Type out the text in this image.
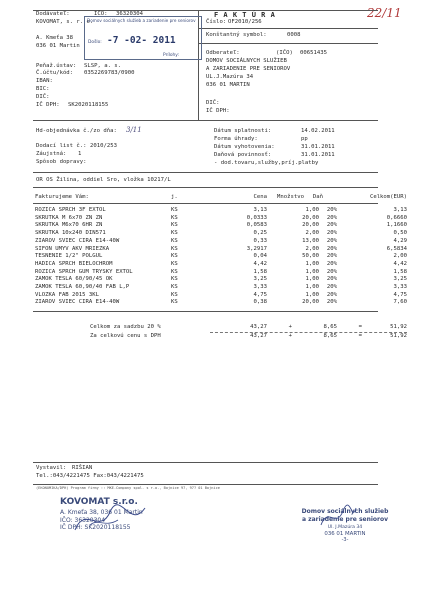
22/11
Dodávateľ:	IČO: 36320304
KOVOMAT, s. r. o.
A. Kmeťa 38
036 01 Martin
Peňaž.ústav: SLSP, a. s.
Č.účtu/kód: 0352269783/0900
IBAN:
BIC:
DIČ:
IČ DPH: SK2020118155
Domov sociálnych služieb a zariadenie pre seniorov
Došlo: -7 -02- 2011
Prílohy:
F A K T Ú R A
Číslo: OF2010/256
Konštantný symbol:	0008
Odberateľ:	(IČO) 00651435
DOMOV SOCIÁLNYCH SLUŽIEB
A ZARIADENIE PRE SENIOROV
UL.J.Mazúra 34
036 01 MARTIN
DIČ:
IČ DPH:
Hd-objednávka č./zo dňa: 3/11
Dodací list č.: 2010/253
Záujstná: 1
Spôsob dopravy:
Dátum splatnosti:	14.02.2011
Forma úhrady:	pp
Dátum vyhotovenia:	31.01.2011
Daňová povinnosť:	31.01.2011
- dod.tovaru,služby,príj.platby
OR OS Žilina, oddiel Sro, vložka 10217/L
Fakturujeme Vám:	j.	Cena Množstvo Daň	Celkom(EUR)
ROZICA SPRCH 3F EXTOL	KS	3,13	1,00 20%	3,13
SKRUTKA M 6x70 ZN ZN	KS	0,0333	20,00 20%	0,6660
SKRUTKA M6x70 6HR ZN	KS	0,0583	20,00 20%	1,1660
SKRUTKA 10x240 DIN571	KS	0,25	2,00 20%	0,50
ZIAROV SVIEC CIRA E14-40W	KS	0,33	13,00 20%	4,29
SIFON UMYV AKV MRIEZKA	KS	3,2917	2,00 20%	6,5834
TESNENIE 1/2" POLGUL	KS	0,04	50,00 20%	2,00
HADICA SPRCH BIELOCHROM	KS	4,42	1,00 20%	4,42
ROZICA SPRCH GUM TRYSKY EXTOL	KS	1,58	1,00 20%	1,58
ZAMOK TESLA 60/90/45 OK	KS	3,25	1,00 20%	3,25
ZAMOK TESLA 60,90/40 FAB L,P	KS	3,33	1,00 20%	3,33
VLOZKA FAB 2015 3KL	KS	4,75	1,00 20%	4,75
ZIAROV SVIEC CIRA E14-40W	KS	0,38	20,00 20%	7,60
Celkom za sadzbu 20 %	43,27	+	8,65	=	51,92
Za celkovú cenu s DPH	43,27	+	8,65	=	51,92
Vystavil: RIŠIAN
Tel.:043/4221475 Fax:043/4221475
(EKONOMIKA/DPH) Program firmy :: MKE-Company spol. s r.o., Bojnice 97, 97? 01 Bojnice
KOVOMAT s.r.o.
A. Kmeťa 38, 036 01 Martin
IČO: 36320304
IČ DPH: SK2020118155
Domov sociálnych služieb
a zariadenie pre seniorov
Ul. J.Mazúra 34
036 01 MARTIN
-3-
